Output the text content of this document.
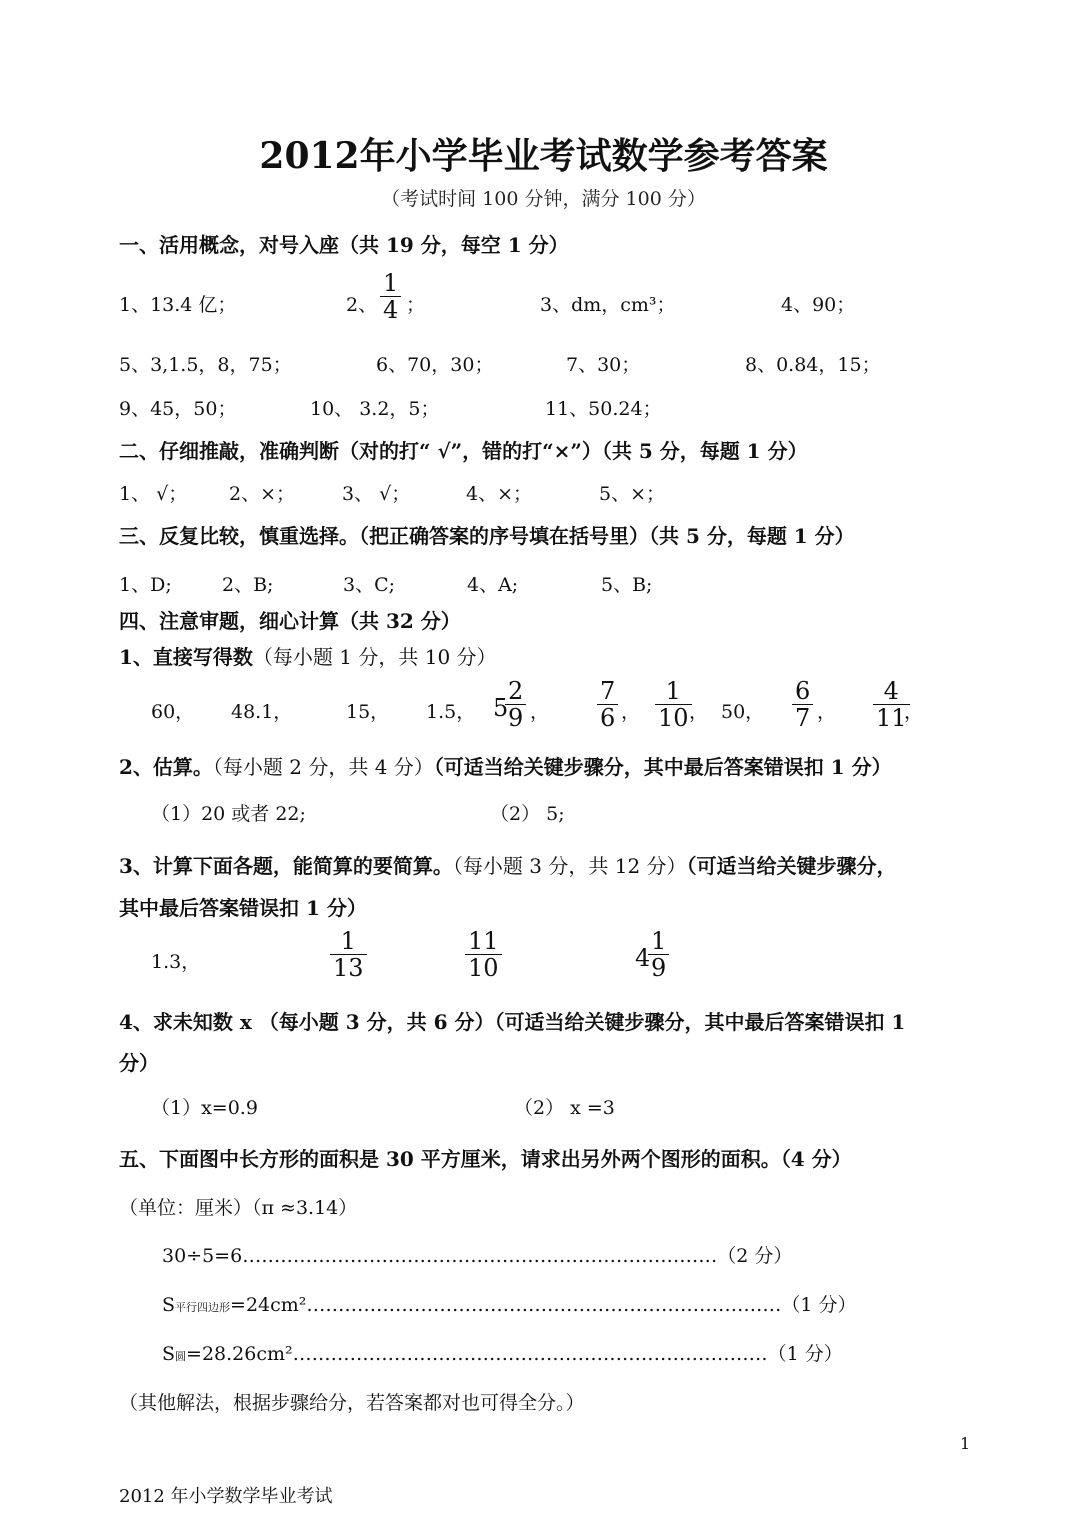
2012年小学毕业考试数学参考答案
（考试时间 100 分钟，满分 100 分）
一、活用概念，对号入座（共 19 分，每空 1 分）
1、13.4 亿；	2、
1
4 ；	3、dm，cm³；	4、90；
5、3,1.5，8，75；	6、70，30；	7、30；	8、0.84，15；
9、45，50；	10、 3.2，5；	11、50.24；
二、仔细推敲，准确判断（对的打“ √”，错的打“×”）（共 5 分，每题 1 分）
1、 √； 2、×； 3、 √；	4、×；	5、×；
三、反复比较，慎重选择。（把正确答案的序号填在括号里）（共 5 分，每题 1 分）
1、D;	2、B;	3、C;	4、A;	5、B;
四、注意审题，细心计算（共 32 分）
1、直接写得数（每小题 1 分，共 10 分）
60， 48.1，	15， 1.5， 5
2
9 ，
7
6 ，
1
10 ， 50，
6
7 ，
4
11
，
2、估算。（每小题 2 分，共 4 分）（可适当给关键步骤分，其中最后答案错误扣 1 分）
（1）20 或者 22;	（2） 5;
3、计算下面各题，能简算的要简算。（每小题 3 分，共 12 分）（可适当给关键步骤分，
其中最后答案错误扣 1 分）
1.3，
1
13
11
10	4
1
9
4、求未知数 x （每小题 3 分，共 6 分）（可适当给关键步骤分，其中最后答案错误扣 1
分）
（1）x=0.9	（2） x =3
五、下面图中长方形的面积是 30 平方厘米，请求出另外两个图形的面积。（4 分）
（单位：厘米）（π ≈3.14）
30÷5=6…………………………………………………………………（2 分）
S平行四边形=24cm²…………………………………………………………………（1 分）
S圆=28.26cm²…………………………………………………………………（1 分）
（其他解法，根据步骤给分，若答案都对也可得全分。）
1
2012 年小学数学毕业考试
